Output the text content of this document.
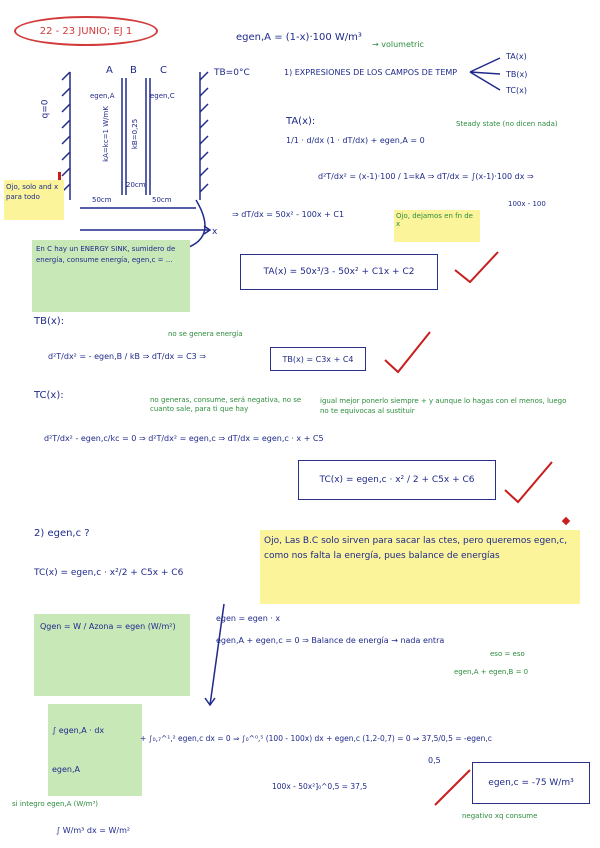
22 - 23 JUNIO; EJ 1
egen,A = (1-x)·100 W/m³
→ volumetric
A B C	TB=0°C
q=0
egen,A	egen,C
kA=kc=1 W/mK	kB=0,25
20cm
50cm	50cm
x
Ojo, solo and x para todo
En C hay un ENERGY SINK, sumidero de energía, consume energía, egen,c = ...
1) EXPRESIONES DE LOS CAMPOS DE TEMP
TA(x)
TB(x)
TC(x)
TA(x):
1/1 · d/dx (1 · dT/dx) + egen,A = 0
Steady state (no dicen nada)
d²T/dx² = (x-1)·100 / 1=kA ⇒ dT/dx = ∫(x-1)·100 dx ⇒
100x - 100
⇒ dT/dx = 50x² - 100x + C1	Ojo, dejamos en fn de x
TA(x) = 50x³/3 - 50x² + C1x + C2
TB(x):
d²T/dx² = - egen,B / kB ⇒ dT/dx = C3 ⇒
no se genera energía
TB(x) = C3x + C4
TC(x):	no generas, consume, será negativa, no se cuanto sale, para ti que hay
igual mejor ponerlo siempre + y aunque lo hagas con el menos, luego no te equivocas al sustituir
d²T/dx² - egen,c/kc = 0 ⇒ d²T/dx² = egen,c ⇒ dT/dx = egen,c · x + C5
TC(x) = egen,c · x² / 2 + C5x + C6
2) egen,c ?
TC(x) = egen,c · x²/2 + C5x + C6
Ojo, Las B.C solo sirven para sacar las ctes, pero queremos egen,c, como nos falta la energía, pues balance de energías
Qgen = W / Azona = egen (W/m²)
egen = egen · x
egen,A + egen,c = 0 ⇒ Balance de energía → nada entra
eso = eso
egen,A + egen,B = 0
∫ egen,A · dx
egen,A
+ ∫₀,₇^¹,² egen,c dx = 0 ⇒ ∫₀^⁰,⁵ (100 - 100x) dx + egen,c (1,2-0,7) = 0 ⇒ 37,5/0,5 = -egen,c
100x - 50x²]₀^0,5 = 37,5
0,5
egen,c = -75 W/m³
negativo xq consume
si integro egen,A (W/m³)
∫ W/m³ dx = W/m²
